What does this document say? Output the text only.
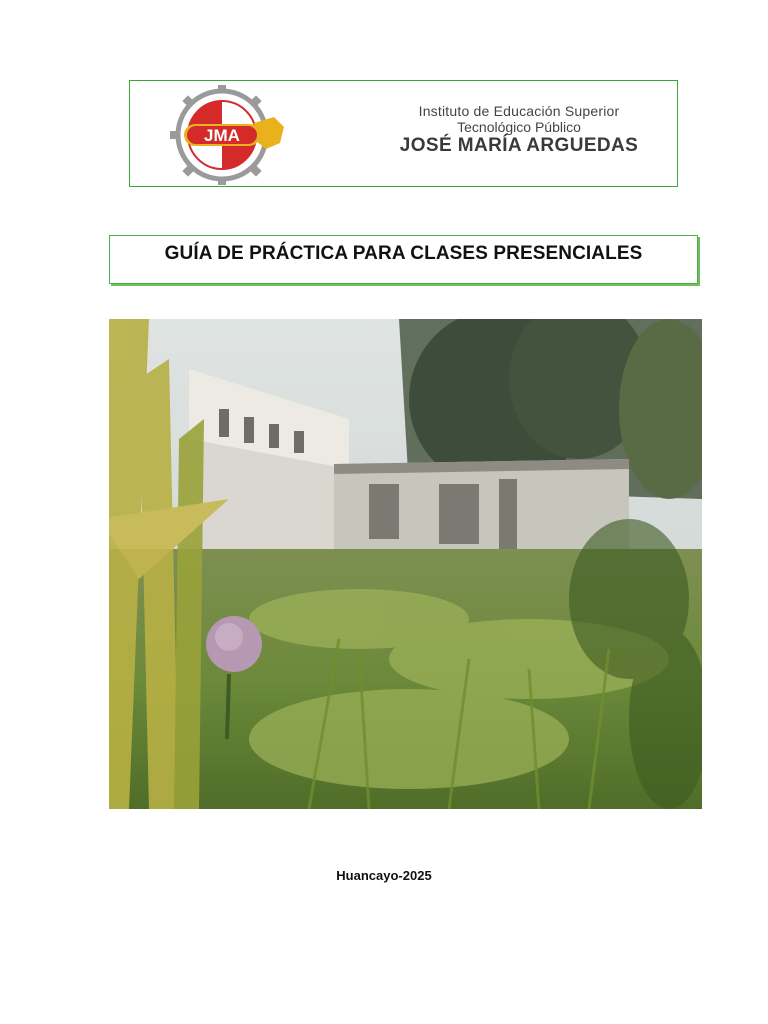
JMA
Instituto de Educación Superior
Tecnológico Público
JOSÉ MARÍA ARGUEDAS
GUÍA DE PRÁCTICA PARA CLASES PRESENCIALES
Huancayo-2025
